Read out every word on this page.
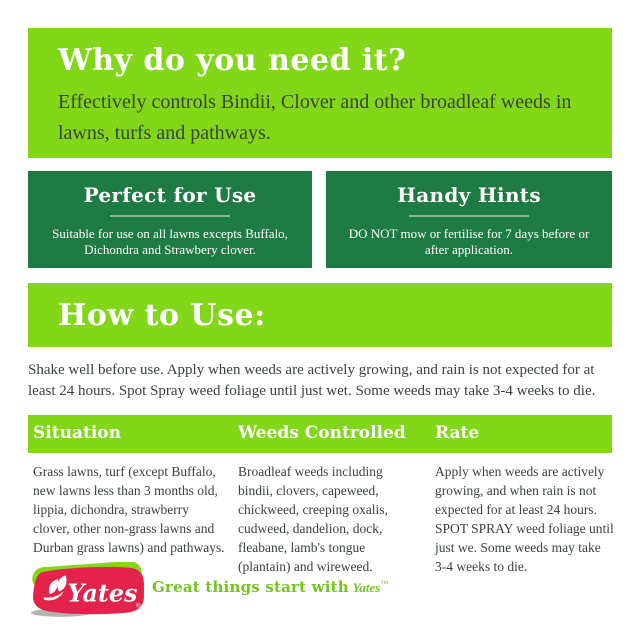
Why do you need it?

Effectively controls Bindii, Clover and other broadleaf weeds in lawns, turfs and pathways.

Perfect for Use

Suitable for use on all lawns excepts Buffalo, Dichondra and Strawbery clover.

Handy Hints

DO NOT mow or fertilise for 7 days before or after application.

How to Use:

Shake well before use. Apply when weeds are actively growing, and rain is not expected for at least 24 hours. Spot Spray weed foliage until just wet. Some weeds may take 3-4 weeks to die.

Situation	Weeds Controlled Rate
Grass lawns, turf (except Buffalo, new lawns less than 3 months old, lippia, dichondra, strawberry clover, other non-grass lawns and Durban grass lawns) and pathways.
Broadleaf weeds including bindii, clovers, capeweed, chickweed, creeping oxalis, cudweed, dandelion, dock, fleabane, lamb's tongue (plantain) and wireweed.
Apply when weeds are actively growing, and when rain is not expected for at least 24 hours. SPOT SPRAY weed foliage until just we. Some weeds may take 3-4 weeks to die.
Yates
®
Great things start with Yates™
